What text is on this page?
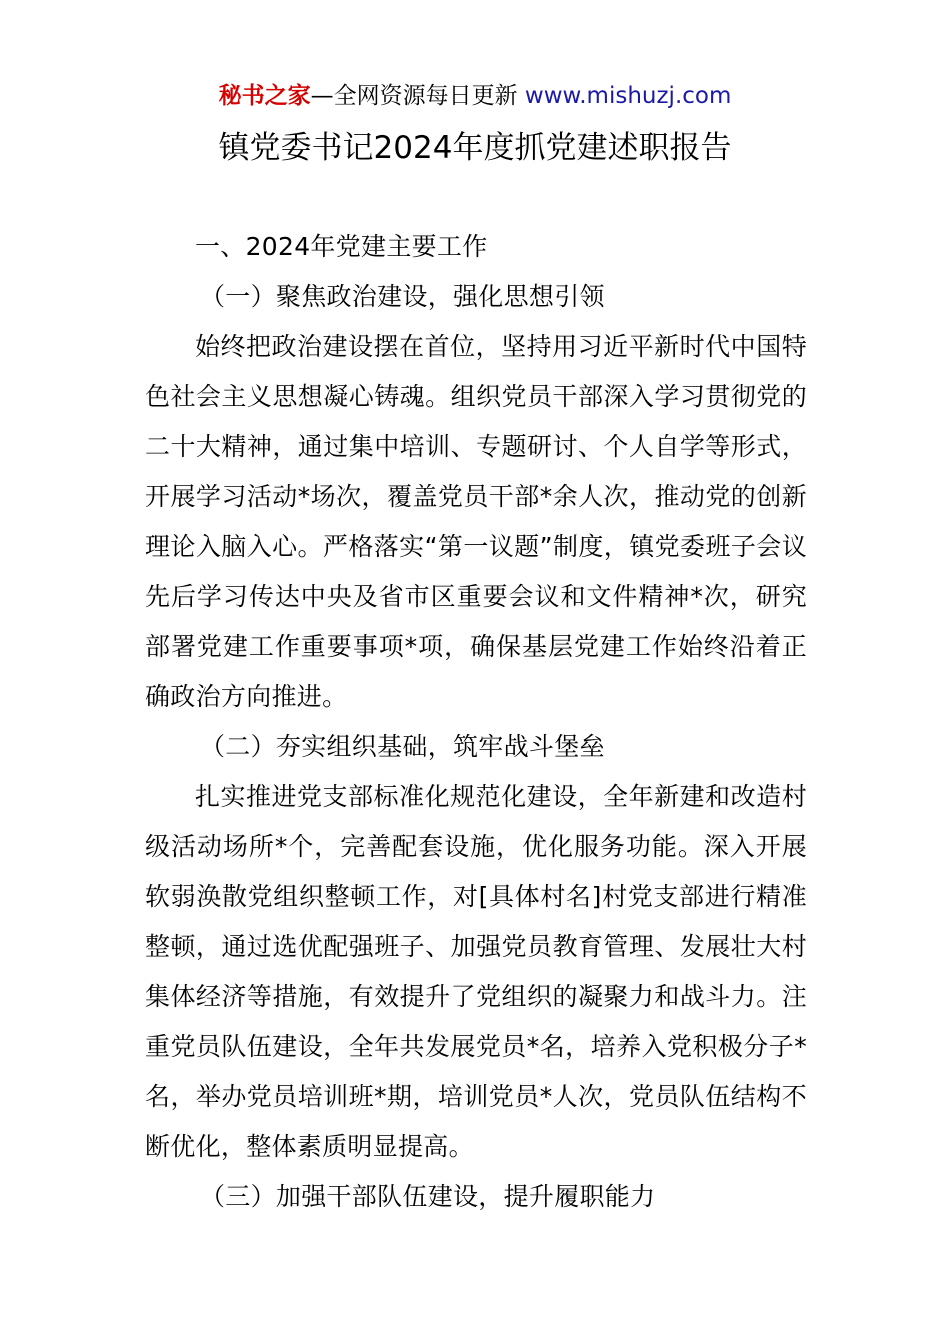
秘书之家—全网资源每日更新 www.mishuzj.com
镇党委书记2024年度抓党建述职报告

一、2024年党建主要工作

（一）聚焦政治建设，强化思想引领

始终把政治建设摆在首位，坚持用习近平新时代中国特色社会主义思想凝心铸魂。组织党员干部深入学习贯彻党的二十大精神，通过集中培训、专题研讨、个人自学等形式，开展学习活动*场次，覆盖党员干部*余人次，推动党的创新理论入脑入心。严格落实“第一议题”制度，镇党委班子会议先后学习传达中央及省市区重要会议和文件精神*次，研究部署党建工作重要事项*项，确保基层党建工作始终沿着正确政治方向推进。

（二）夯实组织基础，筑牢战斗堡垒

扎实推进党支部标准化规范化建设，全年新建和改造村级活动场所*个，完善配套设施，优化服务功能。深入开展软弱涣散党组织整顿工作，对[具体村名]村党支部进行精准整顿，通过选优配强班子、加强党员教育管理、发展壮大村集体经济等措施，有效提升了党组织的凝聚力和战斗力。注重党员队伍建设，全年共发展党员*名，培养入党积极分子*名，举办党员培训班*期，培训党员*人次，党员队伍结构不断优化，整体素质明显提高。

（三）加强干部队伍建设，提升履职能力
